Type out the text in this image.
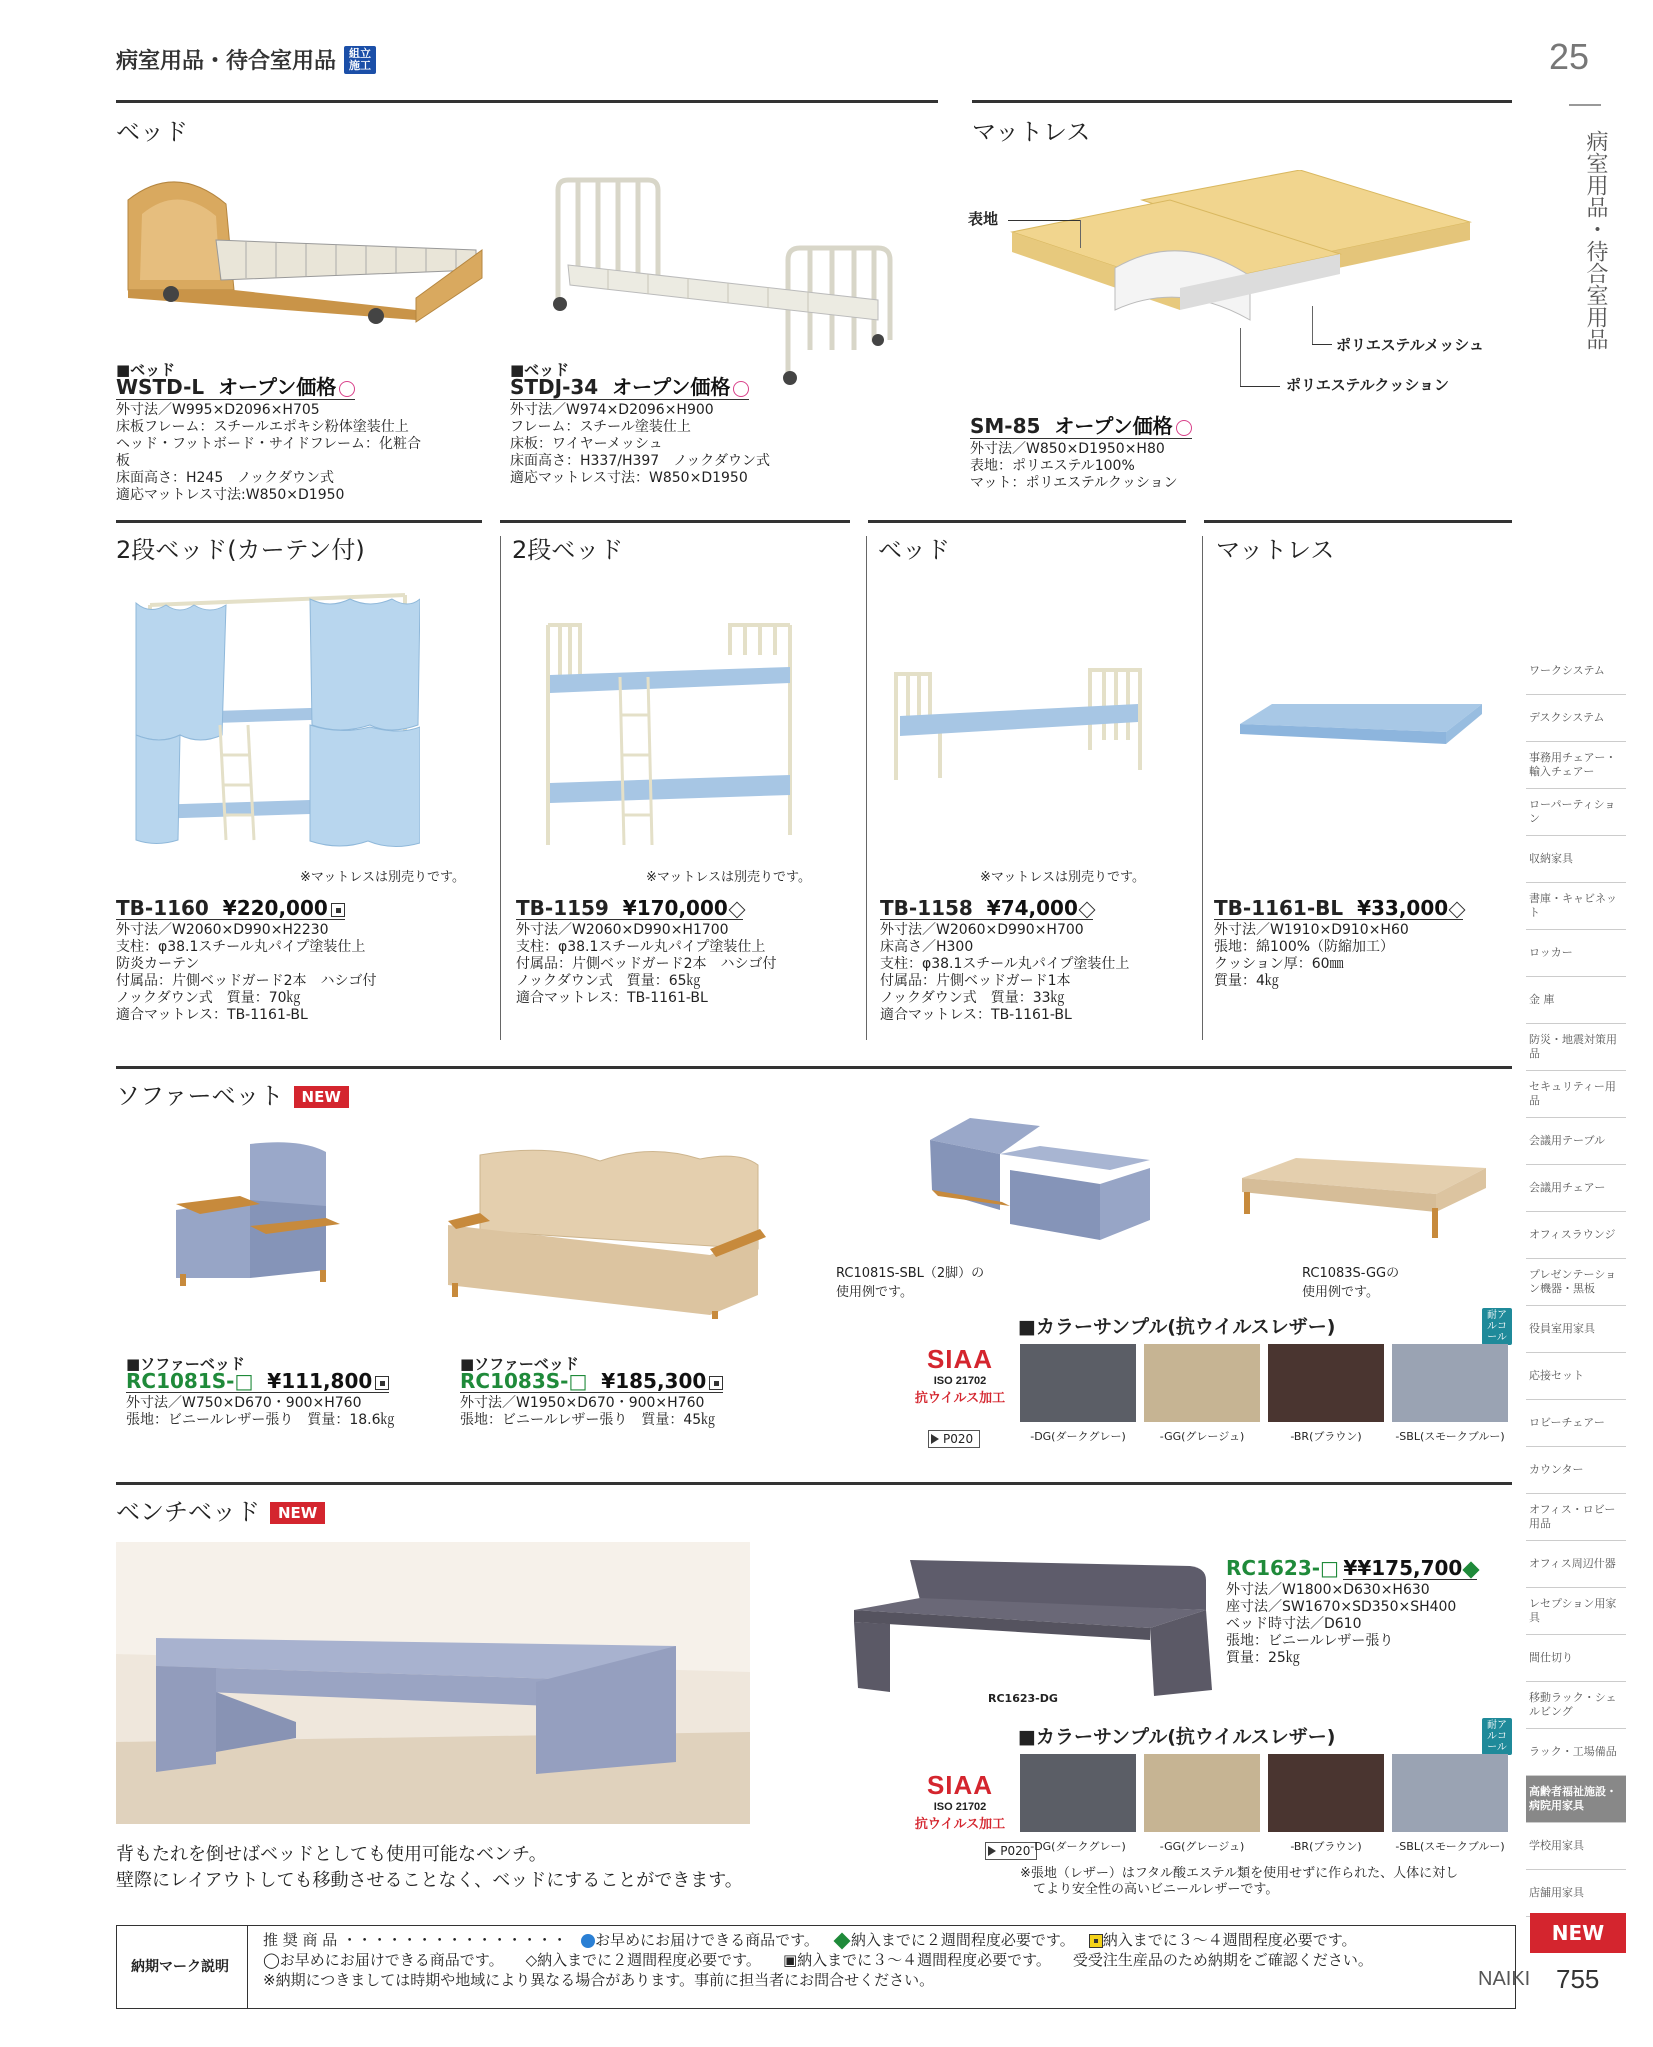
病室用品・待合室用品	組立施工	25
病室用品・待合室用品
ベッド	マットレス
表地
ポリエステルメッシュ
ポリエステルクッション
■ベッド
WSTD-L オープン価格
外寸法／W995×D2096×H705
床板フレーム：スチールエポキシ粉体塗装仕上
ヘッド・フットボード・サイドフレーム：化粧合板
床面高さ：H245　ノックダウン式
適応マットレス寸法:W850×D1950
■ベッド
STDJ-34 オープン価格
外寸法／W974×D2096×H900
フレーム：スチール塗装仕上
床板：ワイヤーメッシュ
床面高さ：H337/H397　ノックダウン式
適応マットレス寸法：W850×D1950
SM-85 オープン価格
外寸法／W850×D1950×H80
表地：ポリエステル100%
マット：ポリエステルクッション
2段ベッド(カーテン付)	2段ベッド	ベッド	マットレス
※マットレスは別売りです。	※マットレスは別売りです。	※マットレスは別売りです。
TB-1160 ¥220,000
外寸法／W2060×D990×H2230
支柱：φ38.1スチール丸パイプ塗装仕上
防炎カーテン
付属品：片側ベッドガード2本　ハシゴ付
ノックダウン式　質量：70㎏
適合マットレス：TB-1161-BL
TB-1159 ¥170,000
外寸法／W2060×D990×H1700
支柱：φ38.1スチール丸パイプ塗装仕上
付属品：片側ベッドガード2本　ハシゴ付
ノックダウン式　質量：65㎏
適合マットレス：TB-1161-BL
TB-1158 ¥74,000
外寸法／W2060×D990×H700
床高さ／H300
支柱：φ38.1スチール丸パイプ塗装仕上
付属品：片側ベッドガード1本
ノックダウン式　質量：33㎏
適合マットレス：TB-1161-BL
TB-1161-BL ¥33,000
外寸法／W1910×D910×H60
張地：綿100%（防縮加工）
クッション厚：60㎜
質量：4㎏
ソファーベット NEW
RC1081S-SBL（2脚）の
使用例です。
RC1083S-GGの
使用例です。
■ソファーベッド
RC1081S-□ ¥111,800
外寸法／W750×D670・900×H760
張地：ビニールレザー張り　質量：18.6㎏
■ソファーベッド
RC1083S-□ ¥185,300
外寸法／W1950×D670・900×H760
張地：ビニールレザー張り　質量：45㎏
■カラーサンプル(抗ウイルスレザー)
耐アルコール
SIAA
ISO 21702
抗ウイルス加工
P020	-DG(ダークグレー)	-GG(グレージュ)	-BR(ブラウン)	-SBL(スモークブルー)
ベンチベッド NEW
RC1623-DG
RC1623-□ ¥¥175,700
外寸法／W1800×D630×H630
座寸法／SW1670×SD350×SH400
ベッド時寸法／D610
張地：ビニールレザー張り
質量：25㎏
■カラーサンプル(抗ウイルスレザー)
耐アルコール
SIAA
ISO 21702
抗ウイルス加工
P020 -DG(ダークグレー)	-GG(グレージュ)	-BR(ブラウン)	-SBL(スモークブルー)
背もたれを倒せばベッドとしても使用可能なベンチ。
壁際にレイアウトしても移動させることなく、ベッドにすることができます。	※張地（レザー）はフタル酸エステル類を使用せずに作られた、人体に対し
　てより安全性の高いビニールレザーです。
納期マーク説明
推 奨 商 品 ・・・・・・・・・・・・・・・	お早めにお届けできる商品です。	納入までに２週間程度必要です。	納入までに３～４週間程度必要です。
◯お早めにお届けできる商品です。 ◇納入までに２週間程度必要です。 ▣納入までに３～４週間程度必要です。 受受注生産品のため納期をご確認ください。
※納期につきましては時期や地域により異なる場合があります。事前に担当者にお問合せください。
ワークシステム
デスクシステム
事務用チェアー・輸入チェアー
ローパーティション
収納家具
書庫・キャビネット
ロッカー
金 庫
防災・地震対策用品
セキュリティー用品
会議用テーブル
会議用チェアー
オフィスラウンジ
プレゼンテーション機器・黒板
役員室用家具
応接セット
ロビーチェアー
カウンター
オフィス・ロビー用品
オフィス周辺什器
レセプション用家具
間仕切り
移動ラック・シェルビング
ラック・工場備品
高齢者福祉施設・病院用家具
学校用家具
店舗用家具
NEW
NAIKI 755
